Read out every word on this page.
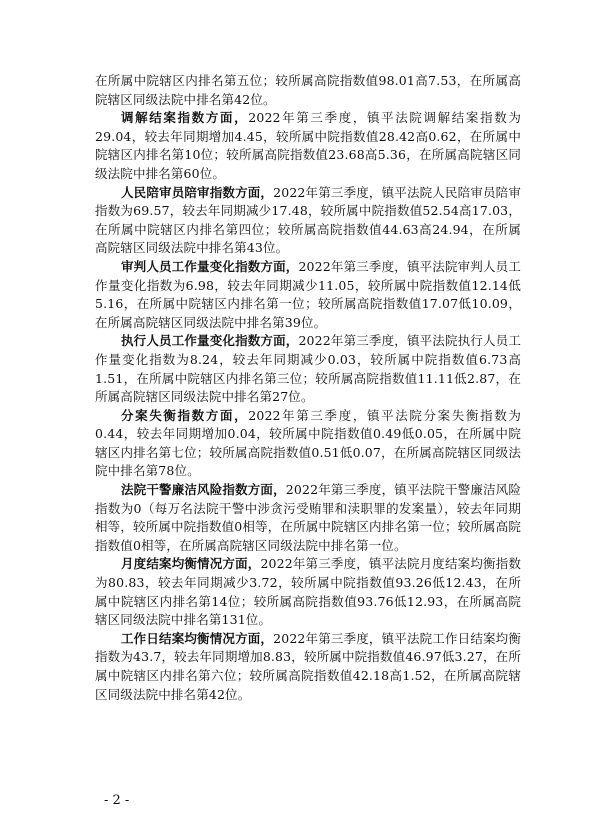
在所属中院辖区内排名第五位；较所属高院指数值98.01高7.53，在所属高院辖区同级法院中排名第42位。

调解结案指数方面，2022年第三季度，镇平法院调解结案指数为29.04，较去年同期增加4.45，较所属中院指数值28.42高0.62，在所属中院辖区内排名第10位；较所属高院指数值23.68高5.36，在所属高院辖区同级法院中排名第60位。

人民陪审员陪审指数方面，2022年第三季度，镇平法院人民陪审员陪审指数为69.57，较去年同期减少17.48，较所属中院指数值52.54高17.03，在所属中院辖区内排名第四位；较所属高院指数值44.63高24.94，在所属高院辖区同级法院中排名第43位。

审判人员工作量变化指数方面，2022年第三季度，镇平法院审判人员工作量变化指数为6.98，较去年同期减少11.05，较所属中院指数值12.14低5.16，在所属中院辖区内排名第一位；较所属高院指数值17.07低10.09，在所属高院辖区同级法院中排名第39位。

执行人员工作量变化指数方面，2022年第三季度，镇平法院执行人员工作量变化指数为8.24，较去年同期减少0.03，较所属中院指数值6.73高1.51，在所属中院辖区内排名第三位；较所属高院指数值11.11低2.87，在所属高院辖区同级法院中排名第27位。

分案失衡指数方面，2022年第三季度，镇平法院分案失衡指数为0.44，较去年同期增加0.04，较所属中院指数值0.49低0.05，在所属中院辖区内排名第七位；较所属高院指数值0.51低0.07，在所属高院辖区同级法院中排名第78位。

法院干警廉洁风险指数方面，2022年第三季度，镇平法院干警廉洁风险指数为0（每万名法院干警中涉贪污受贿罪和渎职罪的发案量），较去年同期相等，较所属中院指数值0相等，在所属中院辖区内排名第一位；较所属高院指数值0相等，在所属高院辖区同级法院中排名第一位。

月度结案均衡情况方面，2022年第三季度，镇平法院月度结案均衡指数为80.83，较去年同期减少3.72，较所属中院指数值93.26低12.43，在所属中院辖区内排名第14位；较所属高院指数值93.76低12.93，在所属高院辖区同级法院中排名第131位。

工作日结案均衡情况方面，2022年第三季度，镇平法院工作日结案均衡指数为43.7，较去年同期增加8.83，较所属中院指数值46.97低3.27，在所属中院辖区内排名第六位；较所属高院指数值42.18高1.52，在所属高院辖区同级法院中排名第42位。

- 2 -
